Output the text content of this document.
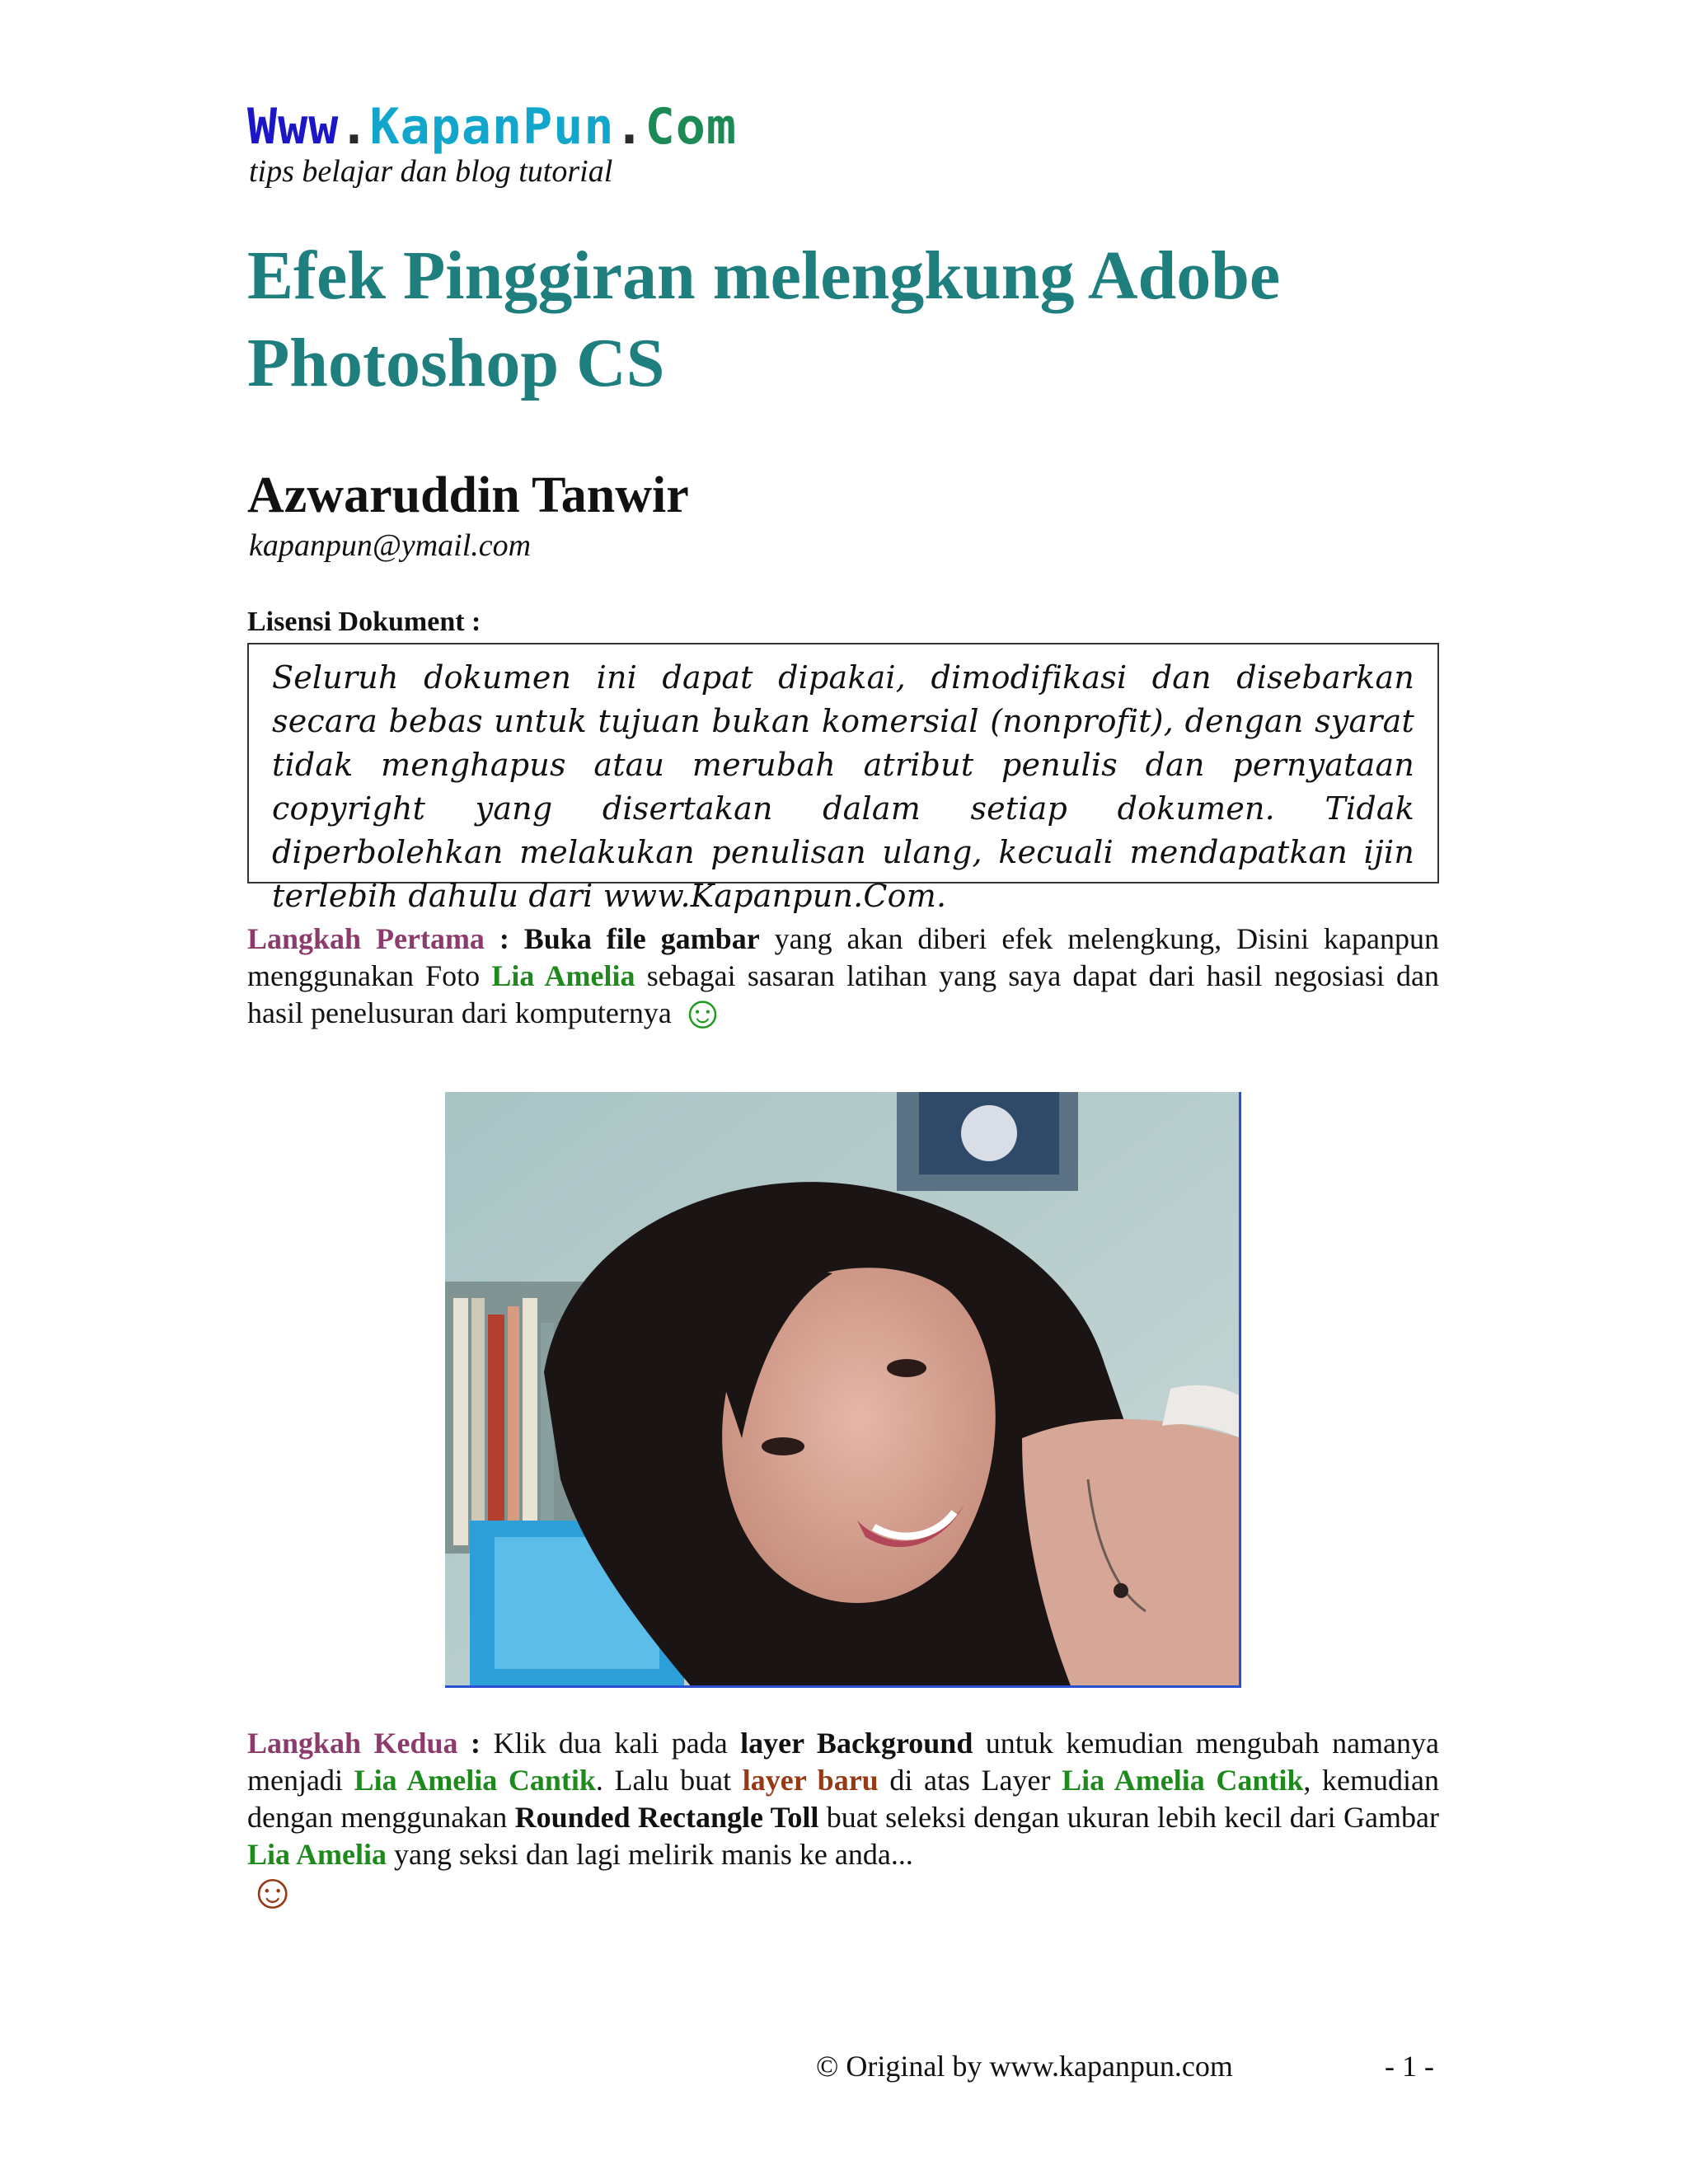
Www.KapanPun.Com
tips belajar dan blog tutorial
Efek Pinggiran melengkung Adobe Photoshop CS
Azwaruddin Tanwir
kapanpun@ymail.com
Lisensi Dokument :
Seluruh dokumen ini dapat dipakai, dimodifikasi dan disebarkan secara bebas untuk tujuan bukan komersial (nonprofit), dengan syarat tidak menghapus atau merubah atribut penulis dan pernyataan copyright yang disertakan dalam setiap dokumen. Tidak diperbolehkan melakukan penulisan ulang, kecuali mendapatkan ijin terlebih dahulu dari www.Kapanpun.Com.
Langkah Pertama : Buka file gambar yang akan diberi efek melengkung, Disini kapanpun menggunakan Foto Lia Amelia sebagai sasaran latihan yang saya dapat dari hasil negosiasi dan hasil penelusuran dari komputernya ☺
Langkah Kedua : Klik dua kali pada layer Background untuk kemudian mengubah namanya menjadi Lia Amelia Cantik. Lalu buat layer baru di atas Layer Lia Amelia Cantik, kemudian dengan menggunakan Rounded Rectangle Toll buat seleksi dengan ukuran lebih kecil dari Gambar Lia Amelia yang seksi dan lagi melirik manis ke anda...
☺
© Original by www.kapanpun.com	- 1 -
